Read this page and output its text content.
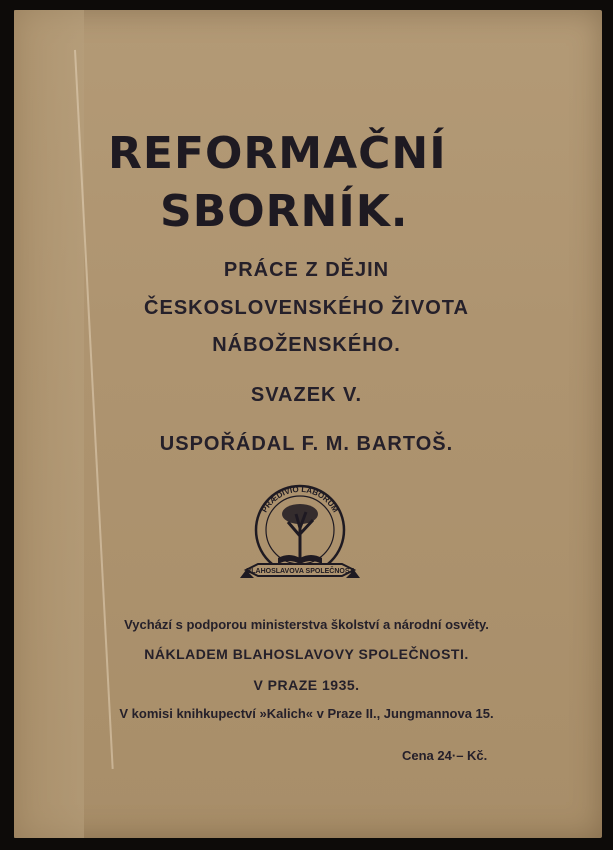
REFORMAČNÍ
SBORNÍK.
PRÁCE Z DĚJIN
ČESKOSLOVENSKÉHO ŽIVOTA
NÁBOŽENSKÉHO.
SVAZEK V.
USPOŘÁDAL F. M. BARTOŠ.
PRÆDIVIO LABORUM
BLAHOSLAVOVA SPOLEČNOST
Vychází s podporou ministerstva školství a národní osvěty.
NÁKLADEM BLAHOSLAVOVY SPOLEČNOSTI.
V PRAZE 1935.
V komisi knihkupectví »Kalich« v Praze II., Jungmannova 15.
Cena 24·– Kč.
